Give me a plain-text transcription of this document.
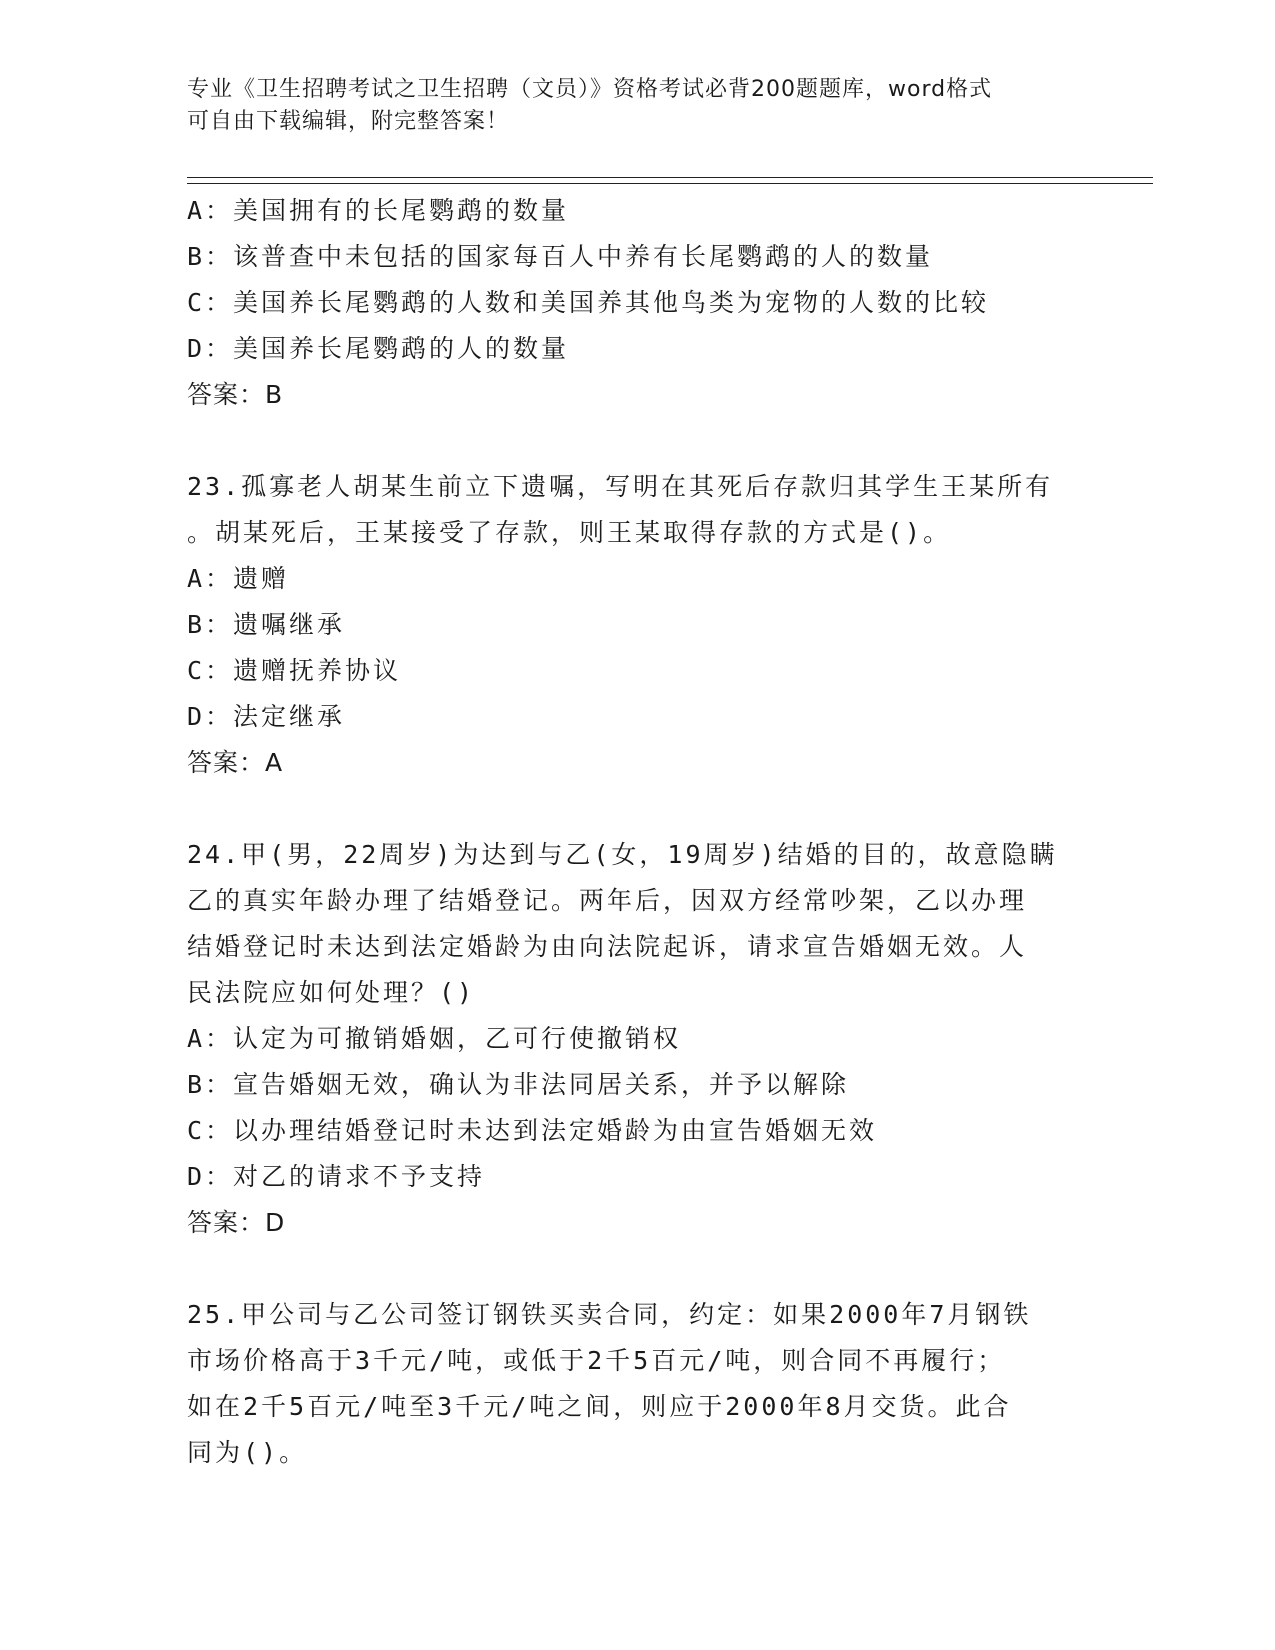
专业《卫生招聘考试之卫生招聘（文员）》资格考试必背200题题库，word格式
可自由下载编辑，附完整答案！
A：美国拥有的长尾鹦鹉的数量
B：该普查中未包括的国家每百人中养有长尾鹦鹉的人的数量
C：美国养长尾鹦鹉的人数和美国养其他鸟类为宠物的人数的比较
D：美国养长尾鹦鹉的人的数量
答案：B
23.孤寡老人胡某生前立下遗嘱，写明在其死后存款归其学生王某所有
。胡某死后，王某接受了存款，则王某取得存款的方式是()。
A：遗赠
B：遗嘱继承
C：遗赠抚养协议
D：法定继承
答案：A
24.甲(男，22周岁)为达到与乙(女，19周岁)结婚的目的，故意隐瞒
乙的真实年龄办理了结婚登记。两年后，因双方经常吵架，乙以办理
结婚登记时未达到法定婚龄为由向法院起诉，请求宣告婚姻无效。人
民法院应如何处理？()
A：认定为可撤销婚姻，乙可行使撤销权
B：宣告婚姻无效，确认为非法同居关系，并予以解除
C：以办理结婚登记时未达到法定婚龄为由宣告婚姻无效
D：对乙的请求不予支持
答案：D
25.甲公司与乙公司签订钢铁买卖合同，约定：如果2000年7月钢铁
市场价格高于3千元/吨，或低于2千5百元/吨，则合同不再履行；
如在2千5百元/吨至3千元/吨之间，则应于2000年8月交货。此合
同为()。
